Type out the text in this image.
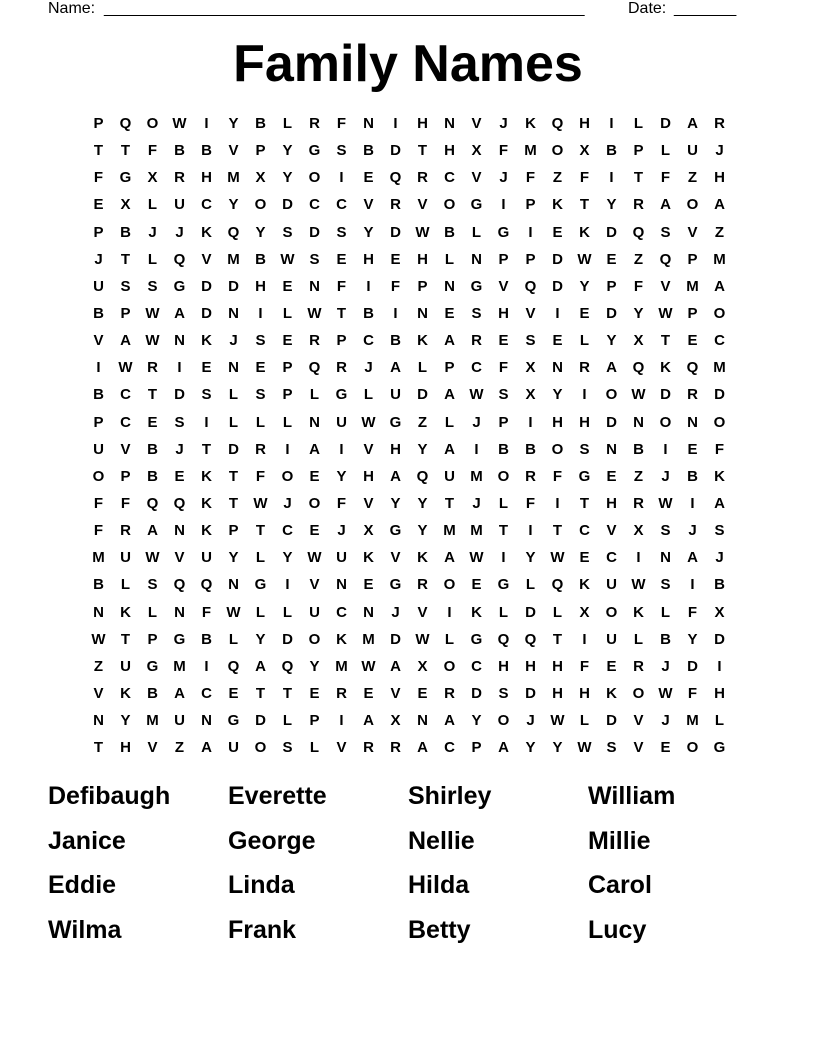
Name: ______________________________________________________	Date: _______
Family Names
P	Q	O W	I	Y	B	L	R	F	N	I	H	N	V	J	K	Q	H	I	L	D	A	R
T	T	F	B	B	V	P	Y	G	S	B	D	T	H	X	F	M O	X	B	P	L	U	J
F	G	X	R	H	M	X	Y	O	I	E	Q	R	C	V	J	F	Z	F	I	T	F	Z	H
E	X	L	U	C	Y	O	D	C	C	V	R	V	O	G	I	P	K	T	Y	R	A	O	A
P	B	J	J	K	Q	Y	S	D	S	Y	D W B	L	G	I	E	K	D	Q	S	V	Z
J	T	L	Q	V	M	B W S	E	H	E	H	L	N	P	P	D W E	Z	Q	P	M
U	S	S	G	D	D	H	E	N	F	I	F	P	N	G	V	Q	D	Y	P	F	V	M	A
B	P W A	D	N	I	L	W	T	B	I	N	E	S	H	V	I	E	D	Y W P	O
V	A W N	K	J	S	E	R	P	C	B	K	A	R	E	S	E	L	Y	X	T	E	C
I	W R	I	E	N	E	P	Q	R	J	A	L	P	C	F	X	N	R	A	Q	K	Q M
B	C	T	D	S	L	S	P	L	G	L	U	D	A W S	X	Y	I	O W D	R	D
P	C	E	S	I	L	L	L	N	U W G	Z	L	J	P	I	H	H	D	N	O	N	O
U	V	B	J	T	D	R	I	A	I	V	H	Y	A	I	B	B	O	S	N	B	I	E	F
O	P	B	E	K	T	F	O	E	Y	H	A	Q	U	M O	R	F	G	E	Z	J	B	K
F	F	Q	Q	K	T	W	J	O	F	V	Y	Y	T	J	L	F	I	T	H	R W	I	A
F	R	A	N	K	P	T	C	E	J	X	G	Y	M M	T	I	T	C	V	X	S	J	S
M	U W V	U	Y	L	Y W U	K	V	K	A W	I	Y W E	C	I	N	A	J
B	L	S	Q	Q	N	G	I	V	N	E	G	R	O	E	G	L	Q	K	U W S	I	B
N	K	L	N	F	W	L	L	U	C	N	J	V	I	K	L	D	L	X	O	K	L	F	X
W	T	P	G	B	L	Y	D	O	K	M	D W	L	G	Q	Q	T	I	U	L	B	Y	D
Z	U	G M	I	Q	A	Q	Y	M W A	X	O	C	H	H	H	F	E	R	J	D	I
V	K	B	A	C	E	T	T	E	R	E	V	E	R	D	S	D	H	H	K	O W	F	H
N	Y	M	U	N	G	D	L	P	I	A	X	N	A	Y	O	J	W	L	D	V	J	M	L
T	H	V	Z	A	U	O	S	L	V	R	R	A	C	P	A	Y	Y W S	V	E	O	G
Defibaugh	Everette	Shirley	William
Janice	George	Nellie	Millie
Eddie	Linda	Hilda	Carol
Wilma	Frank	Betty	Lucy
